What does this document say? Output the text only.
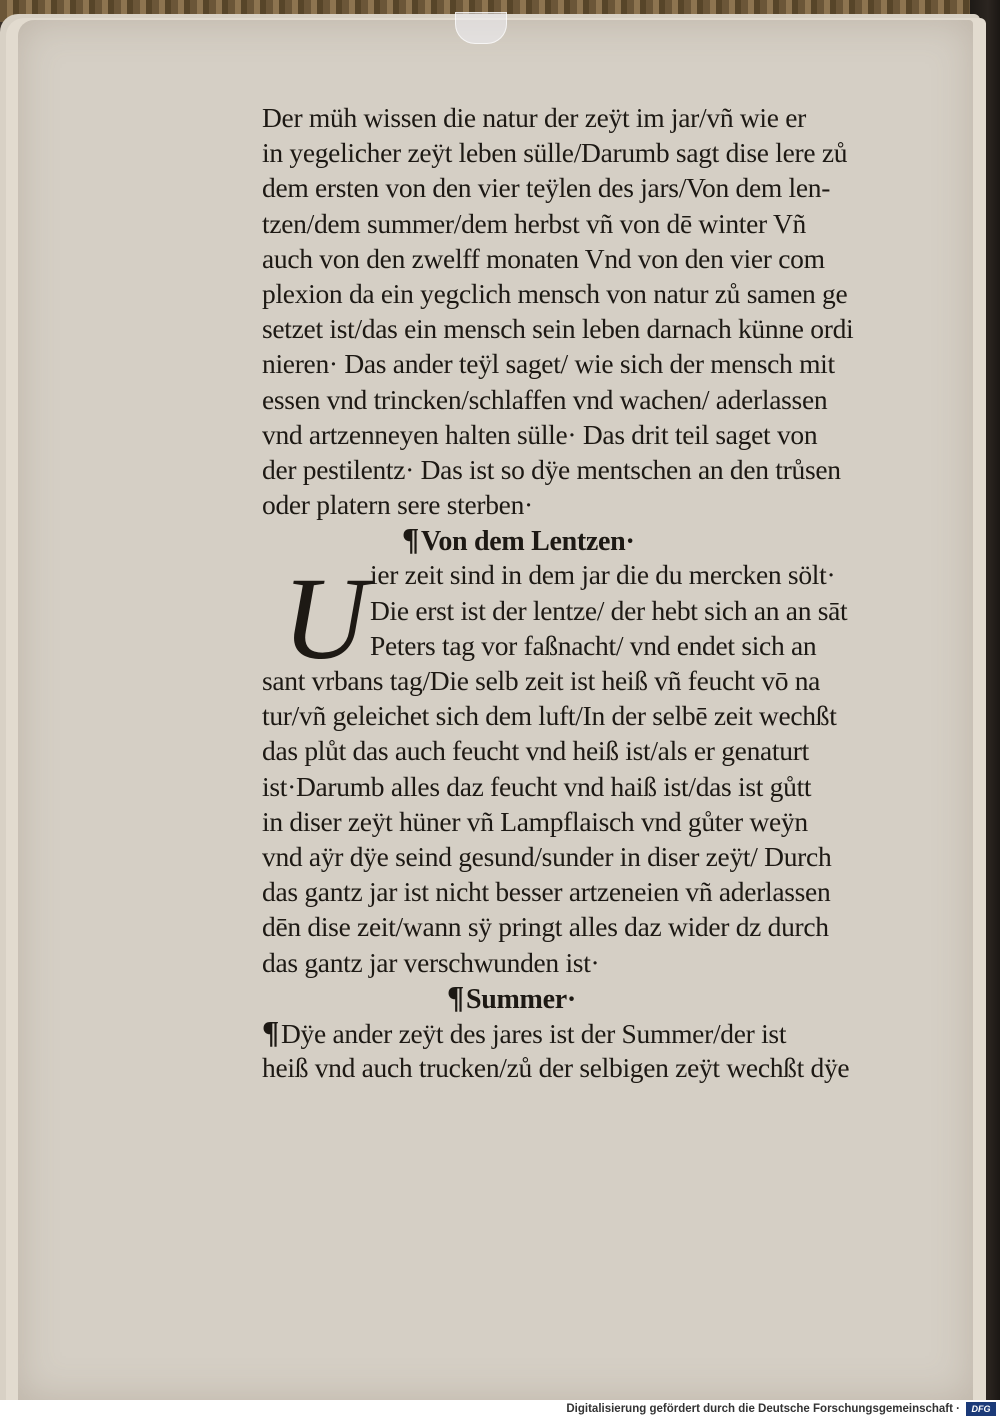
U
Der müh wissen die natur der zeÿt im jar/vñ wie er
in yegelicher zeÿt leben sülle/Darumb sagt dise lere zů
dem ersten von den vier teÿlen des jars/Von dem len‑
tzen/dem summer/dem herbst vñ von dē winter Vñ
auch von den zwelff monaten Vnd von den vier com
plexion da ein yegclich mensch von natur zů samen ge
setzet ist/das ein mensch sein leben darnach künne ordi
nieren· Das ander teÿl saget/ wie sich der mensch mit
essen vnd trincken/schlaffen vnd wachen/ aderlassen
vnd artzenneyen halten sülle· Das drit teil saget von
der pestilentz· Das ist so dÿe mentschen an den trůsen
oder platern sere sterben·
¶Von dem Lentzen·
ier zeit sind in dem jar die du mercken sölt·
Die erst ist der lentze/ der hebt sich an an sāt
Peters tag vor faßnacht/ vnd endet sich an
sant vrbans tag/Die selb zeit ist heiß vñ feucht vō na
tur/vñ geleichet sich dem luft/In der selbē zeit wechßt
das plůt das auch feucht vnd heiß ist/als er genaturt
ist·Darumb alles daz feucht vnd haiß ist/das ist gůtt
in diser zeÿt hüner vñ Lampflaisch vnd gůter weÿn
vnd aÿr dÿe seind gesund/sunder in diser zeÿt/ Durch
das gantz jar ist nicht besser artzeneien vñ aderlassen
dēn dise zeit/wann sÿ pringt alles daz wider dz durch
das gantz jar verschwunden ist·
¶Summer·
¶Dÿe ander zeÿt des jares ist der Summer/der ist
heiß vnd auch trucken/zů der selbigen zeÿt wechßt dÿe
Digitalisierung gefördert durch die Deutsche Forschungsgemeinschaft ·	DFG
